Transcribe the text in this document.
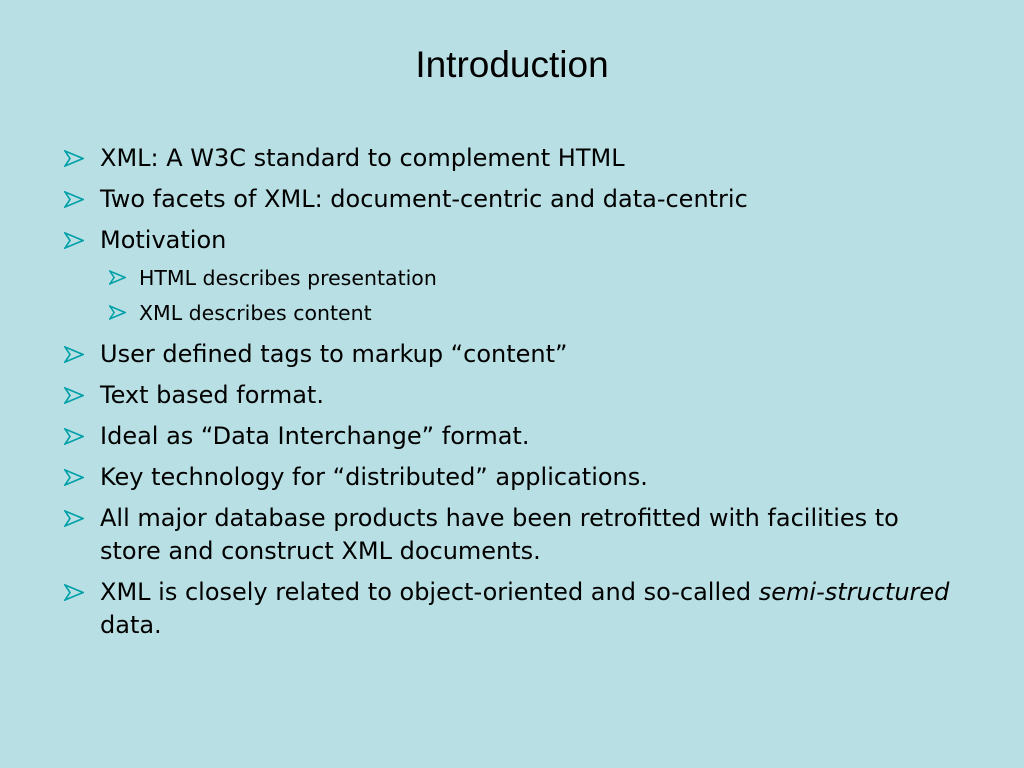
Introduction
XML: A W3C standard to complement HTML
Two facets of XML: document-centric and data-centric
Motivation
HTML describes presentation
XML describes content
User defined tags to markup “content”
Text based format.
Ideal as “Data Interchange” format.
Key technology for “distributed” applications.
All major database products have been retrofitted with facilities to store and construct XML documents.
XML is closely related to object-oriented and so-called semi-structured data.
